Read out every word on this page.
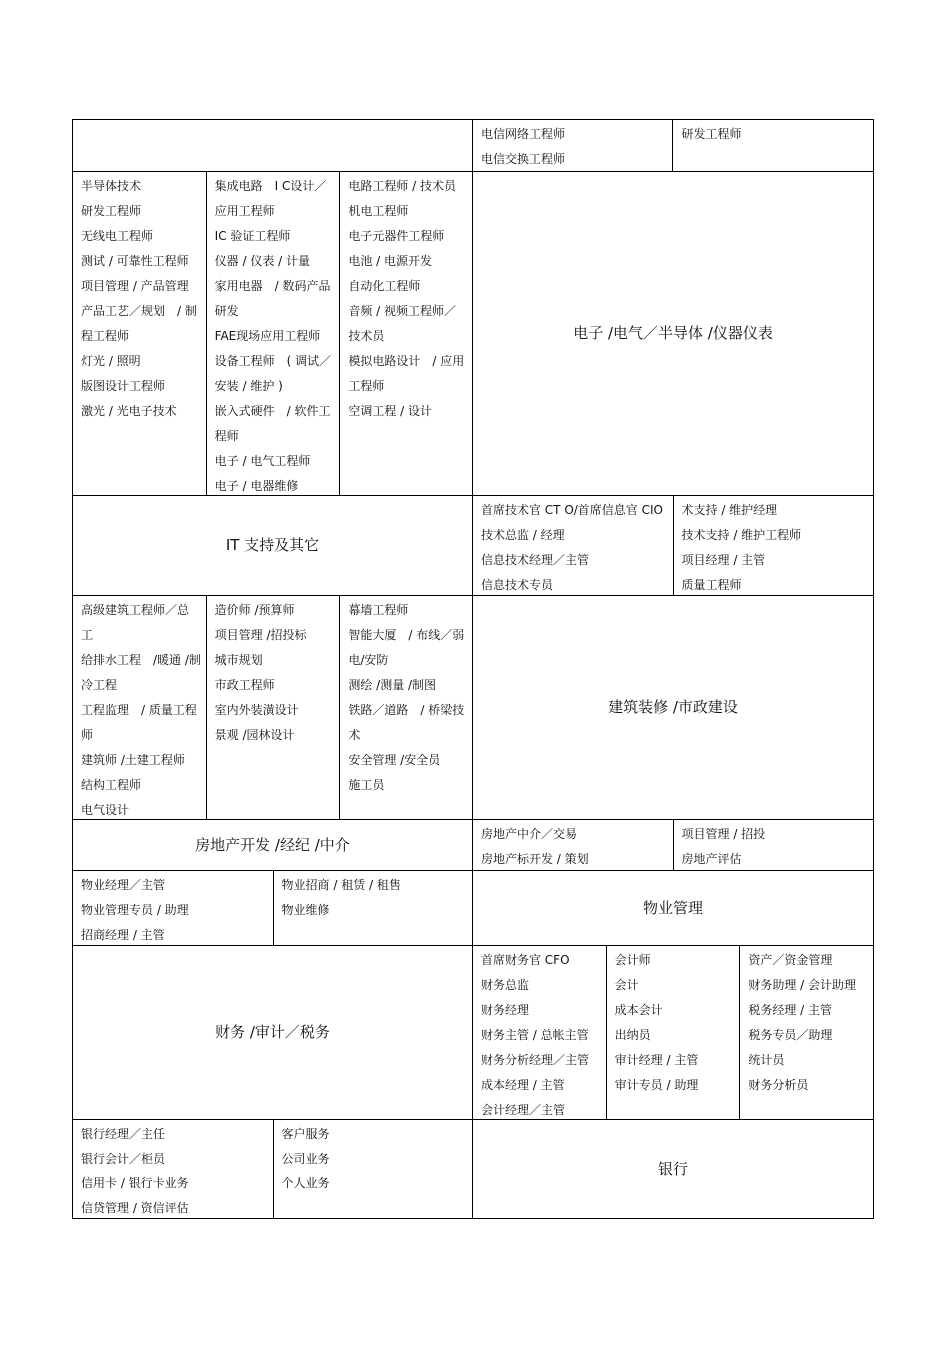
电信网络工程师
电信交换工程师
研发工程师
半导体技术
研发工程师
无线电工程师
测试 / 可靠性工程师
项目管理 / 产品管理
产品工艺／规划　/ 制
程工程师
灯光 / 照明
版图设计工程师
激光 / 光电子技术
集成电路　I C设计／
应用工程师
IC 验证工程师
仪器 / 仪表 / 计量
家用电器　/ 数码产品
研发
FAE现场应用工程师
设备工程师　( 调试／
安装 / 维护 )
嵌入式硬件　/ 软件工
程师
电子 / 电气工程师
电子 / 电器维修
电路工程师 / 技术员
机电工程师
电子元器件工程师
电池 / 电源开发
自动化工程师
音频 / 视频工程师／
技术员
模拟电路设计　/ 应用
工程师
空调工程 / 设计
电子 /电气／半导体 /仪器仪表
IT 支持及其它
首席技术官 CT O/首席信息官 CIO
技术总监 / 经理
信息技术经理／主管
信息技术专员
术支持 / 维护经理
技术支持 / 维护工程师
项目经理 / 主管
质量工程师
高级建筑工程师／总
工
给排水工程　/暖通 /制
冷工程
工程监理　/ 质量工程
师
建筑师 /土建工程师
结构工程师
电气设计
造价师 /预算师
项目管理 /招投标
城市规划
市政工程师
室内外装潢设计
景观 /园林设计
幕墙工程师
智能大厦　/ 布线／弱
电/安防
测绘 /测量 /制图
铁路／道路　/ 桥梁技
术
安全管理 /安全员
施工员
建筑装修 /市政建设
房地产开发 /经纪 /中介
房地产中介／交易
房地产标开发 / 策划
项目管理 / 招投
房地产评估
物业经理／主管
物业管理专员 / 助理
招商经理 / 主管
物业招商 / 租赁 / 租售
物业维修	物业管理
财务 /审计／税务
首席财务官 CFO
财务总监
财务经理
财务主管 / 总帐主管
财务分析经理／主管
成本经理 / 主管
会计经理／主管
会计师
会计
成本会计
出纳员
审计经理 / 主管
审计专员 / 助理
资产／资金管理
财务助理 / 会计助理
税务经理 / 主管
税务专员／助理
统计员
财务分析员
银行经理／主任
银行会计／柜员
信用卡 / 银行卡业务
信贷管理 / 资信评估
客户服务
公司业务
个人业务
银行
